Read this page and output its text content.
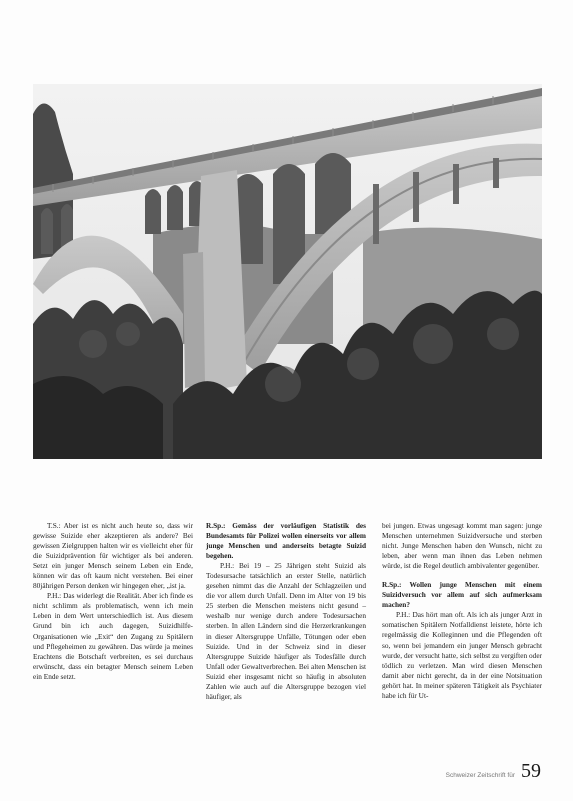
T.S.: Aber ist es nicht auch heute so, dass wir gewisse Suizide eher akzeptieren als andere? Bei gewissen Zielgruppen halten wir es vielleicht eher für die Suizidprävention für wichtiger als bei anderen. Setzt ein junger Mensch seinem Leben ein Ende, können wir das oft kaum nicht verstehen. Bei einer 80jährigen Person denken wir hingegen eher, „ist ja.

P.H.: Das widerlegt die Realität. Aber ich finde es nicht schlimm als problematisch, wenn ich mein Leben in dem Wert unterschiedlich ist. Aus diesem Grund bin ich auch dagegen, Suizidhilfe-Organisationen wie „Exit“ den Zugang zu Spitälern und Pflegeheimen zu gewähren. Das würde ja meines Erachtens die Botschaft verbreiten, es sei durchaus erwünscht, dass ein betagter Mensch seinem Leben ein Ende setzt.

R.Sp.: Gemäss der vorläufigen Statistik des Bundesamts für Polizei wollen einerseits vor allem junge Menschen und anderseits betagte Suizid begehen.

P.H.: Bei 19 – 25 Jährigen steht Suizid als Todesursache tatsächlich an erster Stelle, natürlich gesehen nimmt das die Anzahl der Schlagzeilen und die vor allem durch Unfall. Denn im Alter von 19 bis 25 sterben die Menschen meistens nicht gesund – weshalb nur wenige durch andere Todesursachen sterben. In allen Ländern sind die Herzerkrankungen in dieser Altersgruppe Unfälle, Tötungen oder eben Suizide. Und in der Schweiz sind in dieser Altersgruppe Suizide häufiger als Todesfälle durch Unfall oder Gewaltverbrechen. Bei alten Menschen ist Suizid eher insgesamt nicht so häufig in absoluten Zahlen wie auch auf die Altersgruppe bezogen viel häufiger, als

bei jungen. Etwas ungesagt kommt man sagen: junge Menschen unternehmen Suizidversuche und sterben nicht. Junge Menschen haben den Wunsch, nicht zu leben, aber wenn man ihnen das Leben nehmen würde, ist die Regel deutlich ambivalenter gegenüber.

R.Sp.: Wollen junge Menschen mit einem Suizidversuch vor allem auf sich aufmerksam machen?

P.H.: Das hört man oft. Als ich als junger Arzt in somatischen Spitälern Notfalldienst leistete, hörte ich regelmässig die Kolleginnen und die Pflegenden oft so, wenn bei jemandem ein junger Mensch gebracht wurde, der versucht hatte, sich selbst zu vergiften oder tödlich zu verletzen. Man wird diesen Menschen damit aber nicht gerecht, da in der eine Notsituation gehört hat. In meiner späteren Tätigkeit als Psychiater habe ich für Ut-

Schweizer Zeitschrift für 59
